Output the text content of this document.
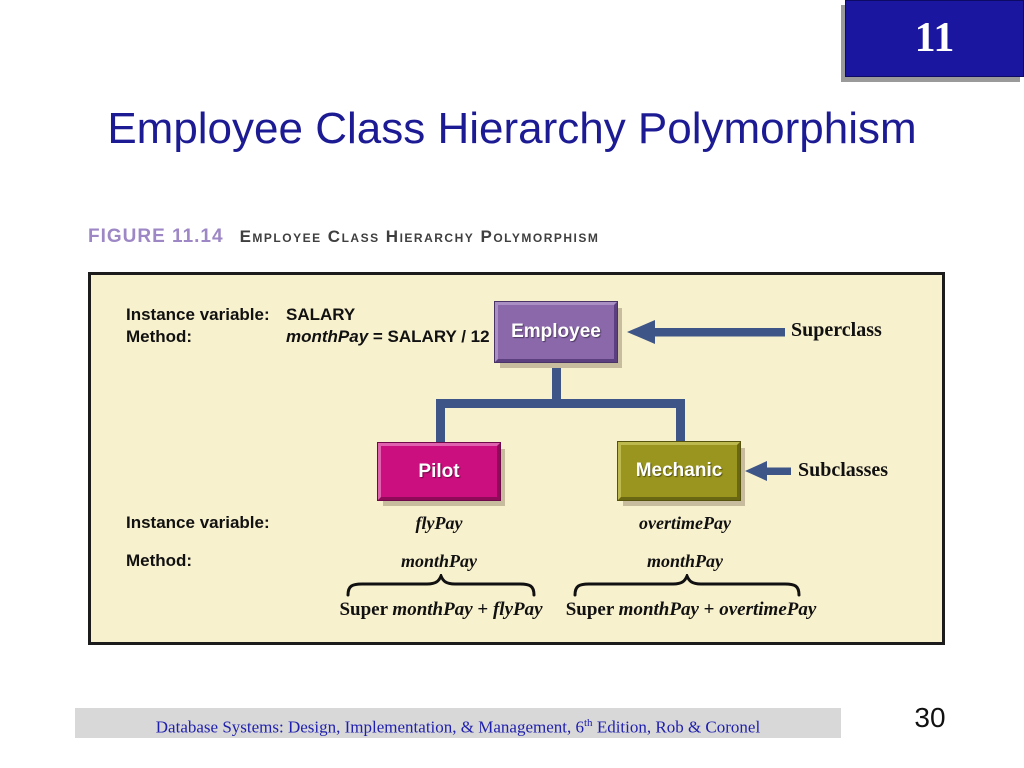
11
Employee Class Hierarchy Polymorphism
FIGURE 11.14 Employee Class Hierarchy Polymorphism
Instance variable: SALARY
Method:	monthPay = SALARY / 12	Employee
Pilot	Mechanic
Superclass
Subclasses
Instance variable:	flyPay	overtimePay
Method:	monthPay	monthPay
Super monthPay + flyPay	Super monthPay + overtimePay
Database Systems: Design, Implementation, & Management, 6th Edition, Rob & Coronel	30
